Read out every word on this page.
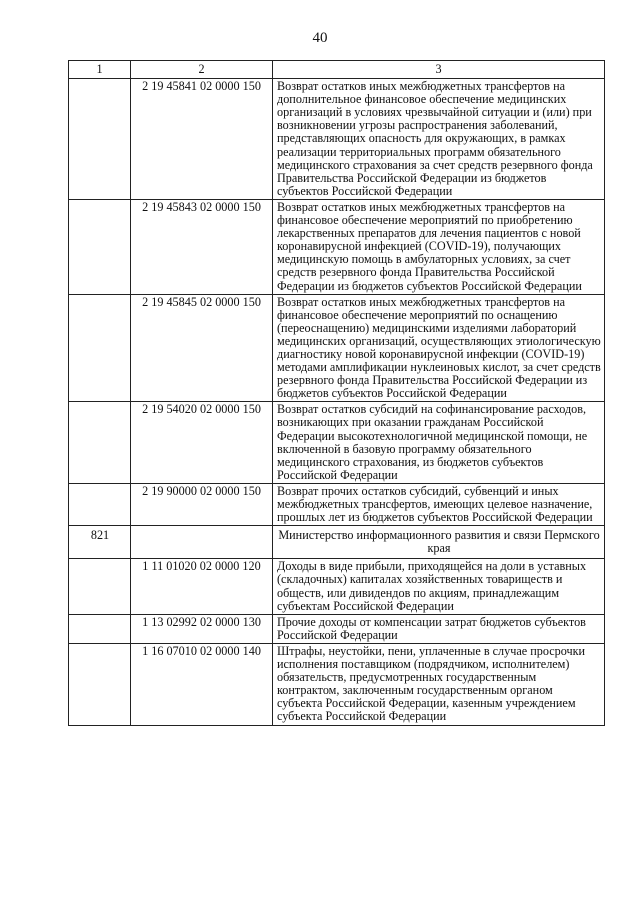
40
1	2	3
	2 19 45841 02 0000 150	Возврат остатков иных межбюджетных трансфертов на дополнительное финансовое обеспечение медицинских организаций в условиях чрезвычайной ситуации и (или) при возникновении угрозы распространения заболеваний, представляющих опасность для окружающих, в рамках реализации территориальных программ обязательного медицинского страхования за счет средств резервного фонда Правительства Российской Федерации из бюджетов субъектов Российской Федерации
	2 19 45843 02 0000 150	Возврат остатков иных межбюджетных трансфертов на финансовое обеспечение мероприятий по приобретению лекарственных препаратов для лечения пациентов с новой коронавирусной инфекцией (COVID-19), получающих медицинскую помощь в амбулаторных условиях, за счет средств резервного фонда Правительства Российской Федерации из бюджетов субъектов Российской Федерации
	2 19 45845 02 0000 150	Возврат остатков иных межбюджетных трансфертов на финансовое обеспечение мероприятий по оснащению (переоснащению) медицинскими изделиями лабораторий медицинских организаций, осуществляющих этиологическую диагностику новой коронавирусной инфекции (COVID-19) методами амплификации нуклеиновых кислот, за счет средств резервного фонда Правительства Российской Федерации из бюджетов субъектов Российской Федерации
	2 19 54020 02 0000 150	Возврат остатков субсидий на софинансирование расходов, возникающих при оказании гражданам Российской Федерации высокотехнологичной медицинской помощи, не включенной в базовую программу обязательного медицинского страхования, из бюджетов субъектов Российской Федерации
	2 19 90000 02 0000 150	Возврат прочих остатков субсидий, субвенций и иных межбюджетных трансфертов, имеющих целевое назначение, прошлых лет из бюджетов субъектов Российской Федерации
821		Министерство информационного развития и связи Пермского края
	1 11 01020 02 0000 120	Доходы в виде прибыли, приходящейся на доли в уставных (складочных) капиталах хозяйственных товариществ и обществ, или дивидендов по акциям, принадлежащим субъектам Российской Федерации
	1 13 02992 02 0000 130	Прочие доходы от компенсации затрат бюджетов субъектов Российской Федерации
	1 16 07010 02 0000 140	Штрафы, неустойки, пени, уплаченные в случае просрочки исполнения поставщиком (подрядчиком, исполнителем) обязательств, предусмотренных государственным контрактом, заключенным государственным органом субъекта Российской Федерации, казенным учреждением субъекта Российской Федерации
